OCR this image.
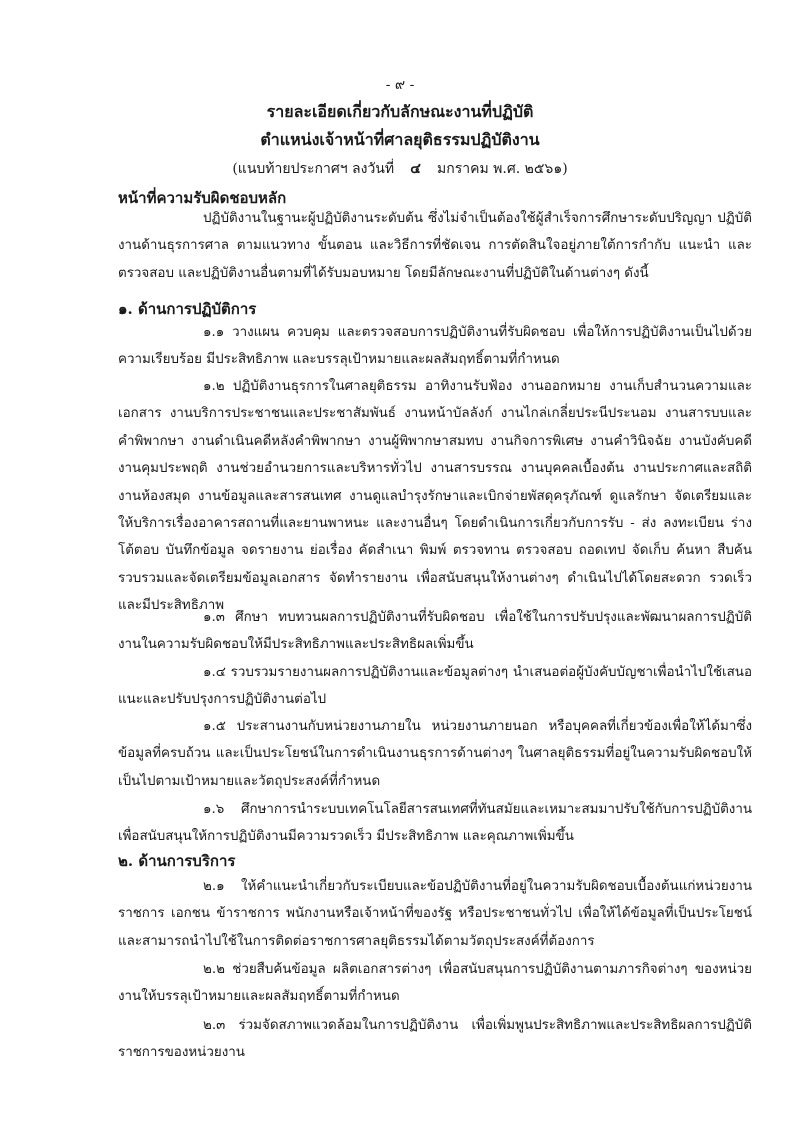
- ๙ -
รายละเอียดเกี่ยวกับลักษณะงานที่ปฏิบัติ
ตำแหน่งเจ้าหน้าที่ศาลยุติธรรมปฏิบัติงาน
(แนบท้ายประกาศฯ ลงวันที่ ๔ มกราคม พ.ศ. ๒๕๖๑)
หน้าที่ความรับผิดชอบหลัก
ปฏิบัติงานในฐานะผู้ปฏิบัติงานระดับต้น ซึ่งไม่จำเป็นต้องใช้ผู้สำเร็จการศึกษาระดับปริญญา ปฏิบัติงานด้านธุรการศาล ตามแนวทาง ขั้นตอน และวิธีการที่ชัดเจน การตัดสินใจอยู่ภายใต้การกำกับ แนะนำ และตรวจสอบ และปฏิบัติงานอื่นตามที่ได้รับมอบหมาย โดยมีลักษณะงานที่ปฏิบัติในด้านต่างๆ ดังนี้
๑. ด้านการปฏิบัติการ
๑.๑ วางแผน ควบคุม และตรวจสอบการปฏิบัติงานที่รับผิดชอบ เพื่อให้การปฏิบัติงานเป็นไปด้วยความเรียบร้อย มีประสิทธิภาพ และบรรลุเป้าหมายและผลสัมฤทธิ์ตามที่กำหนด
๑.๒ ปฏิบัติงานธุรการในศาลยุติธรรม อาทิงานรับฟ้อง งานออกหมาย งานเก็บสำนวนความและเอกสาร งานบริการประชาชนและประชาสัมพันธ์ งานหน้าบัลลังก์ งานไกล่เกลี่ยประนีประนอม งานสารบบและคำพิพากษา งานดำเนินคดีหลังคำพิพากษา งานผู้พิพากษาสมทบ งานกิจการพิเศษ งานคำวินิจฉัย งานบังคับคดีงานคุมประพฤติ งานช่วยอำนวยการและบริหารทั่วไป งานสารบรรณ งานบุคคลเบื้องต้น งานประกาศและสถิติ งานห้องสมุด งานข้อมูลและสารสนเทศ งานดูแลบำรุงรักษาและเบิกจ่ายพัสดุครุภัณฑ์ ดูแลรักษา จัดเตรียมและให้บริการเรื่องอาคารสถานที่และยานพาหนะ และงานอื่นๆ โดยดำเนินการเกี่ยวกับการรับ - ส่ง ลงทะเบียน ร่างโต้ตอบ บันทึกข้อมูล จดรายงาน ย่อเรื่อง คัดสำเนา พิมพ์ ตรวจทาน ตรวจสอบ ถอดเทป จัดเก็บ ค้นหา สืบค้น รวบรวมและจัดเตรียมข้อมูลเอกสาร จัดทำรายงาน เพื่อสนับสนุนให้งานต่างๆ ดำเนินไปได้โดยสะดวก รวดเร็ว และมีประสิทธิภาพ
๑.๓ ศึกษา ทบทวนผลการปฏิบัติงานที่รับผิดชอบ เพื่อใช้ในการปรับปรุงและพัฒนาผลการปฏิบัติงานในความรับผิดชอบให้มีประสิทธิภาพและประสิทธิผลเพิ่มขึ้น
๑.๔ รวบรวมรายงานผลการปฏิบัติงานและข้อมูลต่างๆ นำเสนอต่อผู้บังคับบัญชาเพื่อนำไปใช้เสนอแนะและปรับปรุงการปฏิบัติงานต่อไป
๑.๕ ประสานงานกับหน่วยงานภายใน หน่วยงานภายนอก หรือบุคคลที่เกี่ยวข้องเพื่อให้ได้มาซึ่งข้อมูลที่ครบถ้วน และเป็นประโยชน์ในการดำเนินงานธุรการด้านต่างๆ ในศาลยุติธรรมที่อยู่ในความรับผิดชอบให้เป็นไปตามเป้าหมายและวัตถุประสงค์ที่กำหนด
๑.๖ ศึกษาการนำระบบเทคโนโลยีสารสนเทศที่ทันสมัยและเหมาะสมมาปรับใช้กับการปฏิบัติงาน เพื่อสนับสนุนให้การปฏิบัติงานมีความรวดเร็ว มีประสิทธิภาพ และคุณภาพเพิ่มขึ้น
๒. ด้านการบริการ
๒.๑ ให้คำแนะนำเกี่ยวกับระเบียบและข้อปฏิบัติงานที่อยู่ในความรับผิดชอบเบื้องต้นแก่หน่วยงานราชการ เอกชน ข้าราชการ พนักงานหรือเจ้าหน้าที่ของรัฐ หรือประชาชนทั่วไป เพื่อให้ได้ข้อมูลที่เป็นประโยชน์และสามารถนำไปใช้ในการติดต่อราชการศาลยุติธรรมได้ตามวัตถุประสงค์ที่ต้องการ
๒.๒ ช่วยสืบค้นข้อมูล ผลิตเอกสารต่างๆ เพื่อสนับสนุนการปฏิบัติงานตามภารกิจต่างๆ ของหน่วยงานให้บรรลุเป้าหมายและผลสัมฤทธิ์ตามที่กำหนด
๒.๓ ร่วมจัดสภาพแวดล้อมในการปฏิบัติงาน เพื่อเพิ่มพูนประสิทธิภาพและประสิทธิผลการปฏิบัติราชการของหน่วยงาน
